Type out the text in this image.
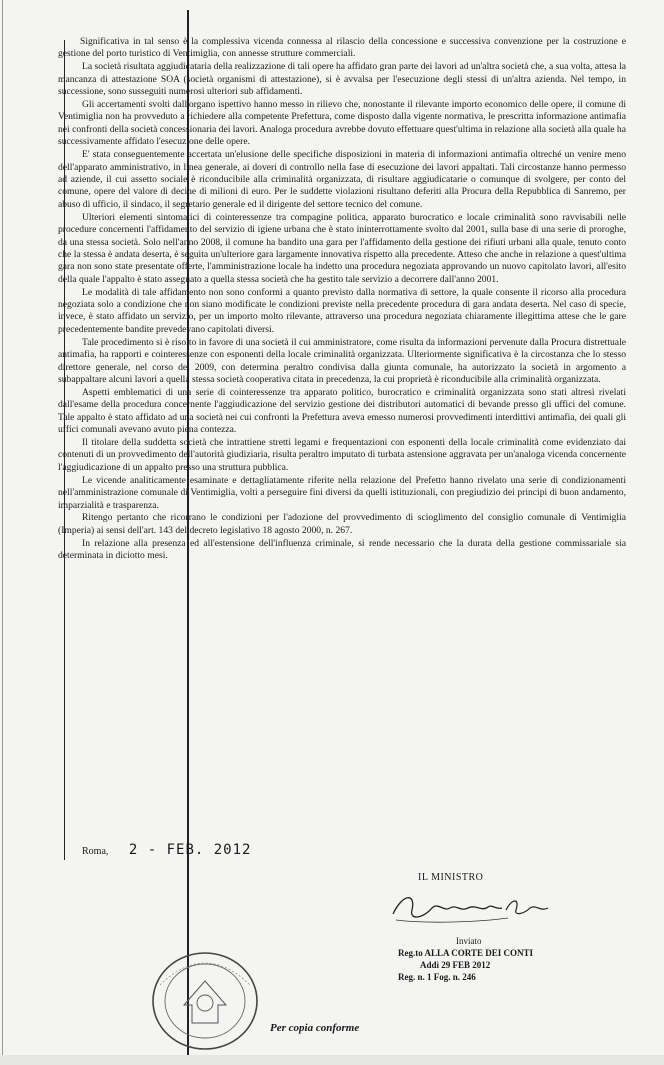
Significativa in tal senso è la complessiva vicenda connessa al rilascio della concessione e successiva convenzione per la costruzione e gestione del porto turistico di Ventimiglia, con annesse strutture commerciali.

La società risultata aggiudicataria della realizzazione di tali opere ha affidato gran parte dei lavori ad un'altra società che, a sua volta, attesa la mancanza di attestazione SOA (società organismi di attestazione), si è avvalsa per l'esecuzione degli stessi di un'altra azienda. Nel tempo, in successione, sono susseguiti numerosi ulteriori sub affidamenti.

Gli accertamenti svolti dall'organo ispettivo hanno messo in rilievo che, nonostante il rilevante importo economico delle opere, il comune di Ventimiglia non ha provveduto a richiedere alla competente Prefettura, come disposto dalla vigente normativa, le prescritta informazione antimafia nei confronti della società concessionaria dei lavori. Analoga procedura avrebbe dovuto effettuare quest'ultima in relazione alla società alla quale ha successivamente affidato l'esecuzione delle opere.

E' stata conseguentemente accertata un'elusione delle specifiche disposizioni in materia di informazioni antimafia oltreché un venire meno dell'apparato amministrativo, in linea generale, ai doveri di controllo nella fase di esecuzione dei lavori appaltati. Tali circostanze hanno permesso ad aziende, il cui assetto sociale è riconducibile alla criminalità organizzata, di risultare aggiudicatarie o comunque di svolgere, per conto del comune, opere del valore di decine di milioni di euro. Per le suddette violazioni risultano deferiti alla Procura della Repubblica di Sanremo, per abuso di ufficio, il sindaco, il segretario generale ed il dirigente del settore tecnico del comune.

Ulteriori elementi sintomatici di cointeressenze tra compagine politica, apparato burocratico e locale criminalità sono ravvisabili nelle procedure concernenti l'affidamento del servizio di igiene urbana che è stato ininterrottamente svolto dal 2001, sulla base di una serie di proroghe, da una stessa società. Solo nell'anno 2008, il comune ha bandito una gara per l'affidamento della gestione dei rifiuti urbani alla quale, tenuto conto che la stessa è andata deserta, è seguita un'ulteriore gara largamente innovativa rispetto alla precedente. Atteso che anche in relazione a quest'ultima gara non sono state presentate offerte, l'amministrazione locale ha indetto una procedura negoziata approvando un nuovo capitolato lavori, all'esito della quale l'appalto è stato assegnato a quella stessa società che ha gestito tale servizio a decorrere dall'anno 2001.

Le modalità di tale affidamento non sono conformi a quanto previsto dalla normativa di settore, la quale consente il ricorso alla procedura negoziata solo a condizione che non siano modificate le condizioni previste nella precedente procedura di gara andata deserta. Nel caso di specie, invece, è stato affidato un servizio, per un importo molto rilevante, attraverso una procedura negoziata chiaramente illegittima attese che le gare precedentemente bandite prevedevano capitolati diversi.

Tale procedimento si è risolto in favore di una società il cui amministratore, come risulta da informazioni pervenute dalla Procura distrettuale antimafia, ha rapporti e cointeressenze con esponenti della locale criminalità organizzata. Ulteriormente significativa è la circostanza che lo stesso direttore generale, nel corso del 2009, con determina peraltro condivisa dalla giunta comunale, ha autorizzato la società in argomento a subappaltare alcuni lavori a quella stessa società cooperativa citata in precedenza, la cui proprietà è riconducibile alla criminalità organizzata.

Aspetti emblematici di una serie di cointeressenze tra apparato politico, burocratico e criminalità organizzata sono stati altresì rivelati dall'esame della procedura concernente l'aggiudicazione del servizio gestione dei distributori automatici di bevande presso gli uffici del comune. Tale appalto è stato affidato ad una società nei cui confronti la Prefettura aveva emesso numerosi provvedimenti interdittivi antimafia, dei quali gli uffici comunali avevano avuto piena contezza.

Il titolare della suddetta società che intrattiene stretti legami e frequentazioni con esponenti della locale criminalità come evidenziato dai contenuti di un provvedimento dell'autorità giudiziaria, risulta peraltro imputato di turbata astensione aggravata per un'analoga vicenda concernente l'aggiudicazione di un appalto presso una struttura pubblica.

Le vicende analiticamente esaminate e dettagliatamente riferite nella relazione del Prefetto hanno rivelato una serie di condizionamenti nell'amministrazione comunale di Ventimiglia, volti a perseguire fini diversi da quelli istituzionali, con pregiudizio dei principi di buon andamento, imparzialità e trasparenza.

Ritengo pertanto che ricorrano le condizioni per l'adozione del provvedimento di scioglimento del consiglio comunale di Ventimiglia (Imperia) ai sensi dell'art. 143 del decreto legislativo 18 agosto 2000, n. 267.

In relazione alla presenza ed all'estensione dell'influenza criminale, si rende necessario che la durata della gestione commissariale sia determinata in diciotto mesi.

Roma, 2 - FEB. 2012
IL MINISTRO
Inviato
Reg.to ALLA CORTE DEI CONTI
Addì 29 FEB 2012
Reg. n. 1 Fog. n. 246
Per copia conforme
